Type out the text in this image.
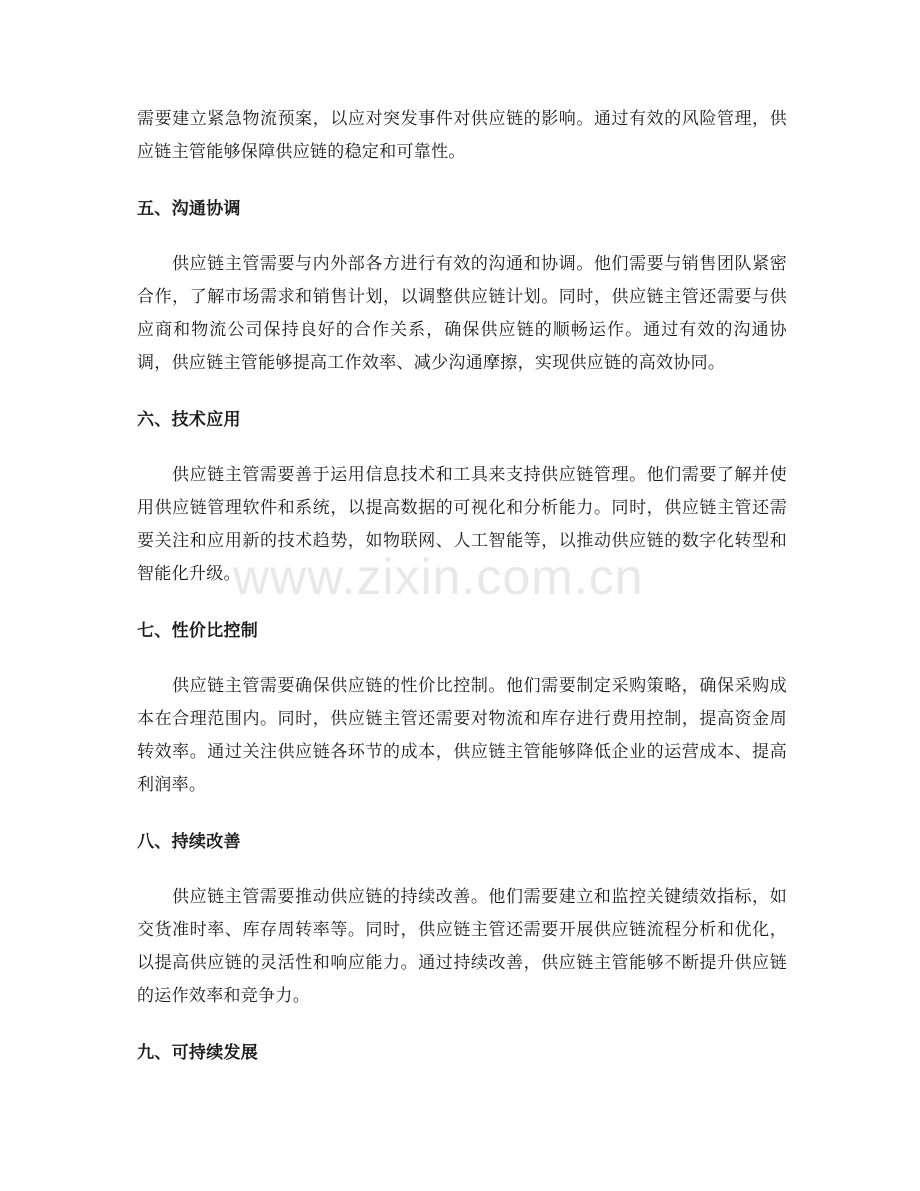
需要建立紧急物流预案，以应对突发事件对供应链的影响。通过有效的风险管理，供应链主管能够保障供应链的稳定和可靠性。

五、沟通协调

供应链主管需要与内外部各方进行有效的沟通和协调。他们需要与销售团队紧密合作，了解市场需求和销售计划，以调整供应链计划。同时，供应链主管还需要与供应商和物流公司保持良好的合作关系，确保供应链的顺畅运作。通过有效的沟通协调，供应链主管能够提高工作效率、减少沟通摩擦，实现供应链的高效协同。

六、技术应用

供应链主管需要善于运用信息技术和工具来支持供应链管理。他们需要了解并使用供应链管理软件和系统，以提高数据的可视化和分析能力。同时，供应链主管还需要关注和应用新的技术趋势，如物联网、人工智能等，以推动供应链的数字化转型和智能化升级。

七、性价比控制

供应链主管需要确保供应链的性价比控制。他们需要制定采购策略，确保采购成本在合理范围内。同时，供应链主管还需要对物流和库存进行费用控制，提高资金周转效率。通过关注供应链各环节的成本，供应链主管能够降低企业的运营成本、提高利润率。

八、持续改善

供应链主管需要推动供应链的持续改善。他们需要建立和监控关键绩效指标，如交货准时率、库存周转率等。同时，供应链主管还需要开展供应链流程分析和优化，以提高供应链的灵活性和响应能力。通过持续改善，供应链主管能够不断提升供应链的运作效率和竞争力。

九、可持续发展
www.zixin.com.cn
